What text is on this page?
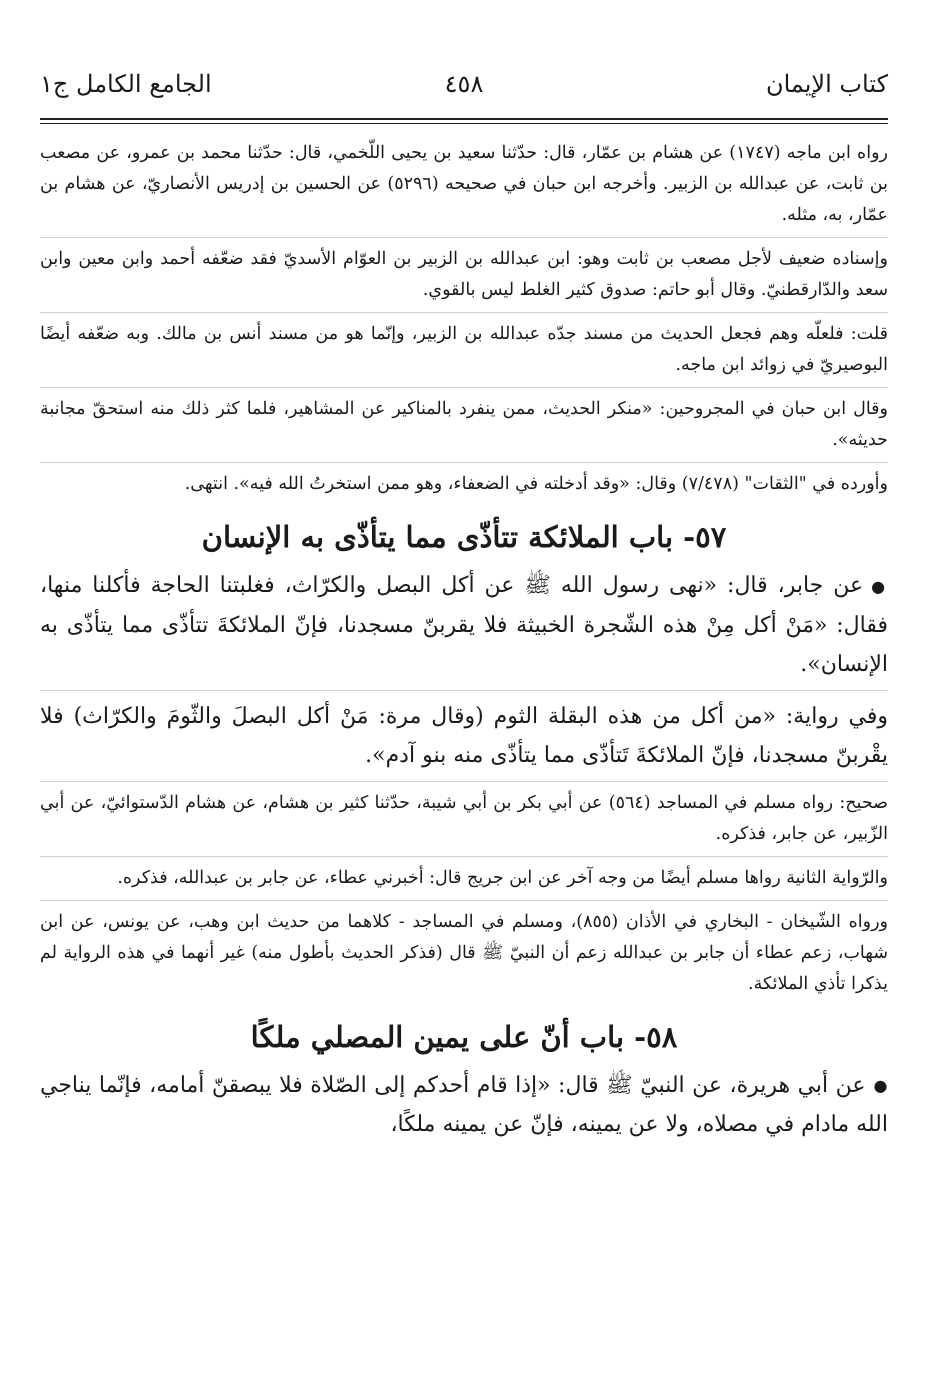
كتاب الإيمان
٤٥٨
الجامع الكامل ج١

رواه ابن ماجه (١٧٤٧) عن هشام بن عمّار، قال: حدّثنا سعيد بن يحيى اللّخمي، قال: حدّثنا محمد بن عمرو، عن مصعب بن ثابت، عن عبدالله بن الزبير. وأخرجه ابن حبان في صحيحه (٥٢٩٦) عن الحسين بن إدريس الأنصاريّ، عن هشام بن عمّار، به، مثله.

وإسناده ضعيف لأجل مصعب بن ثابت وهو: ابن عبدالله بن الزبير بن العوّام الأسديّ فقد ضعّفه أحمد وابن معين وابن سعد والدّارقطنيّ. وقال أبو حاتم: صدوق كثير الغلط ليس بالقوي.

قلت: فلعلّه وهم فجعل الحديث من مسند جدّه عبدالله بن الزبير، وإنّما هو من مسند أنس بن مالك. وبه ضعّفه أيضًا البوصيريّ في زوائد ابن ماجه.

وقال ابن حبان في المجروحين: «منكر الحديث، ممن ينفرد بالمناكير عن المشاهير، فلما كثر ذلك منه استحقّ مجانبة حديثه».

وأورده في "الثقات" (٧/٤٧٨) وقال: «وقد أدخلته في الضعفاء، وهو ممن استخرتُ الله فيه». انتهى.

٥٧- باب الملائكة تتأذّى مما يتأذّى به الإنسان

●عن جابر، قال: «نهى رسول الله ﷺ عن أكل البصل والكرّاث، فغلبتنا الحاجة فأكلنا منها، فقال: «مَنْ أكل مِنْ هذه الشّجرة الخبيثة فلا يقربنّ مسجدنا، فإنّ الملائكةَ تتأذّى مما يتأذّى به الإنسان».

وفي رواية: «من أكل من هذه البقلة الثوم (وقال مرة: مَنْ أكل البصلَ والثّومَ والكرّاث) فلا يقْربنّ مسجدنا، فإنّ الملائكةَ تَتأذّى مما يتأذّى منه بنو آدم».

صحيح: رواه مسلم في المساجد (٥٦٤) عن أبي بكر بن أبي شيبة، حدّثنا كثير بن هشام، عن هشام الدّستوائيّ، عن أبي الزّبير، عن جابر، فذكره.

والرّواية الثانية رواها مسلم أيضًا من وجه آخر عن ابن جريج قال: أخبرني عطاء، عن جابر بن عبدالله، فذكره.

ورواه الشّيخان - البخاري في الأذان (٨٥٥)، ومسلم في المساجد - كلاهما من حديث ابن وهب، عن يونس، عن ابن شهاب، زعم عطاء أن جابر بن عبدالله زعم أن النبيّ ﷺ قال (فذكر الحديث بأطول منه) غير أنهما في هذه الرواية لم يذكرا تأذي الملائكة.

٥٨- باب أنّ على يمين المصلي ملكًا

●عن أبي هريرة، عن النبيّ ﷺ قال: «إذا قام أحدكم إلى الصّلاة فلا يبصقنّ أمامه، فإنّما يناجي الله مادام في مصلاه، ولا عن يمينه، فإنّ عن يمينه ملكًا،
